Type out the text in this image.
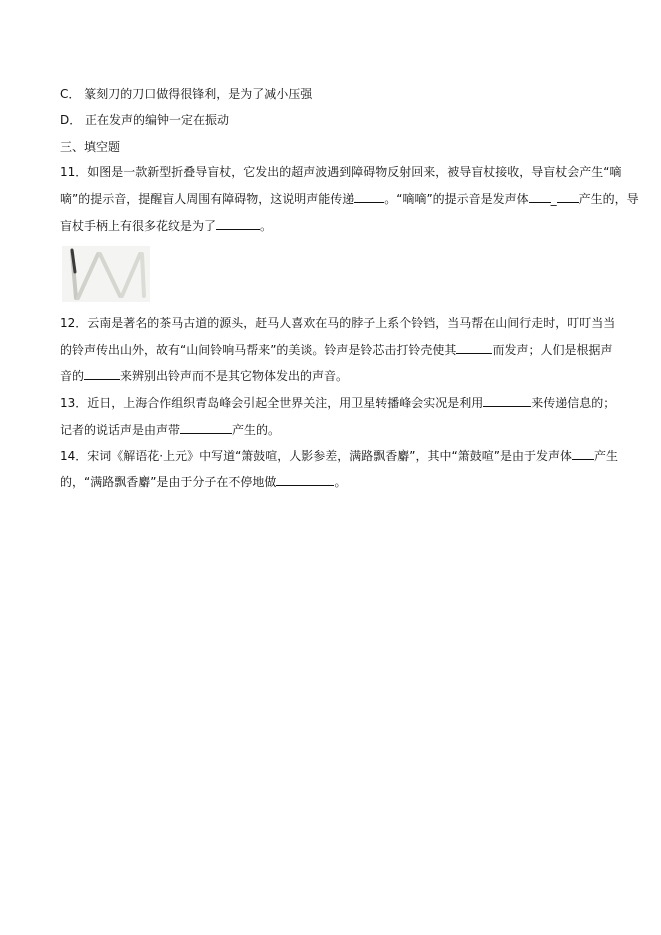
C． 篆刻刀的刀口做得很锋利，是为了减小压强
D． 正在发声的编钟一定在振动
三、填空题
11．如图是一款新型折叠导盲杖，它发出的超声波遇到障碍物反射回来，被导盲杖接收，导盲杖会产生“嘀
嘀”的提示音，提醒盲人周围有障碍物，这说明声能传递	。“嘀嘀”的提示音是发声体 _ 产生的，导
盲杖手柄上有很多花纹是为了	。
12．云南是著名的茶马古道的源头，赶马人喜欢在马的脖子上系个铃铛，当马帮在山间行走时，叮叮当当
的铃声传出山外，故有“山间铃响马帮来”的美谈。铃声是铃芯击打铃壳使其	而发声；人们是根据声
音的	来辨别出铃声而不是其它物体发出的声音。
13．近日，上海合作组织青岛峰会引起全世界关注，用卫星转播峰会实况是利用	来传递信息的；
记者的说话声是由声带	产生的。
14．宋词《解语花·上元》中写道“箫鼓喧，人影参差，满路飘香麝”，其中“箫鼓喧”是由于发声体 产生
的，“满路飘香麝”是由于分子在不停地做	。
